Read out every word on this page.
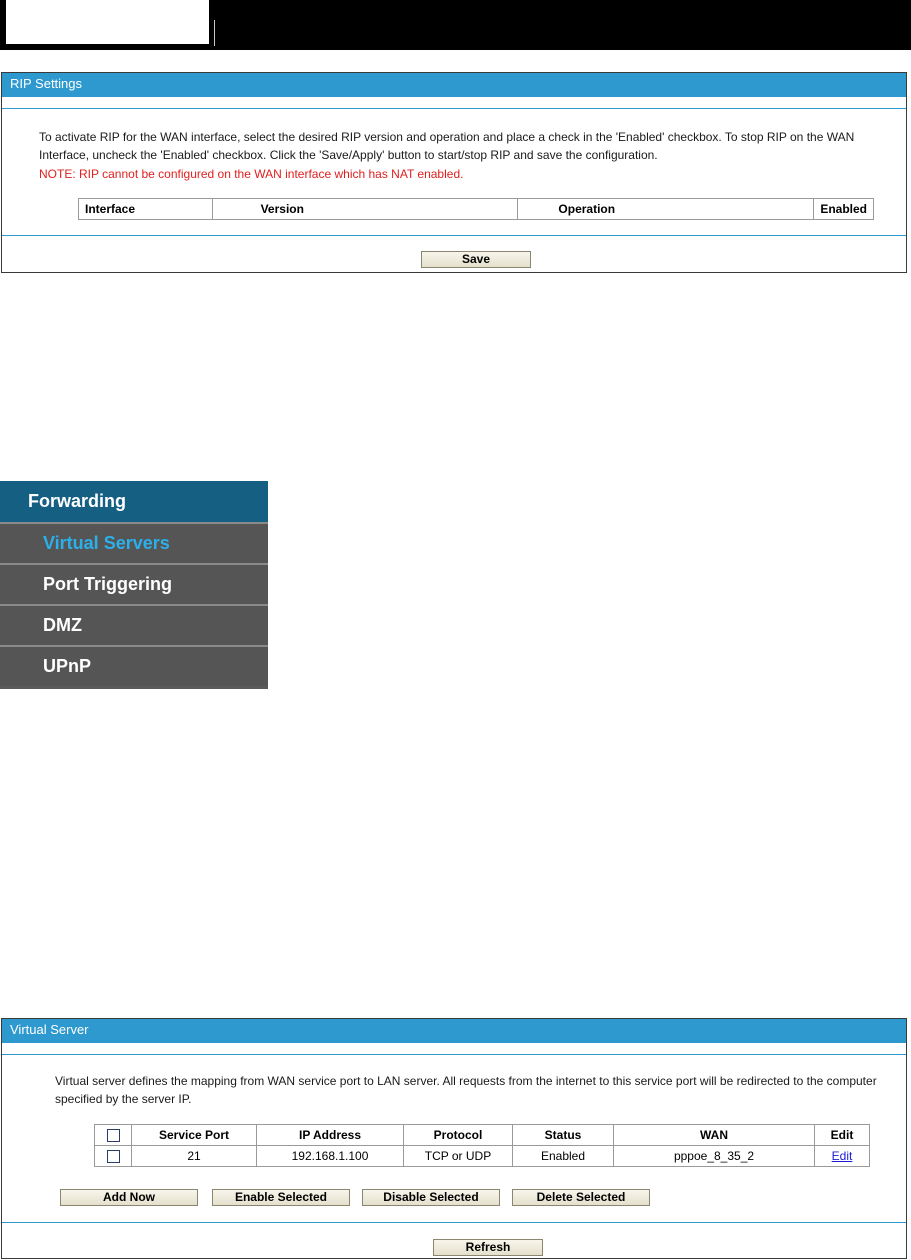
RIP Settings
To activate RIP for the WAN interface, select the desired RIP version and operation and place a check in the 'Enabled' checkbox. To stop RIP on the WAN Interface, uncheck the 'Enabled' checkbox. Click the 'Save/Apply' button to start/stop RIP and save the configuration.
NOTE: RIP cannot be configured on the WAN interface which has NAT enabled.
Interface	Version	Operation	Enabled
Save
Forwarding
Virtual Servers
Port Triggering
DMZ
UPnP
Virtual Server
Virtual server defines the mapping from WAN service port to LAN server. All requests from the internet to this service port will be redirected to the computer specified by the server IP.
	Service Port	IP Address	Protocol	Status	WAN	Edit
	21	192.168.1.100	TCP or UDP	Enabled	pppoe_8_35_2	Edit
Add Now	Enable Selected	Disable Selected	Delete Selected
Refresh
